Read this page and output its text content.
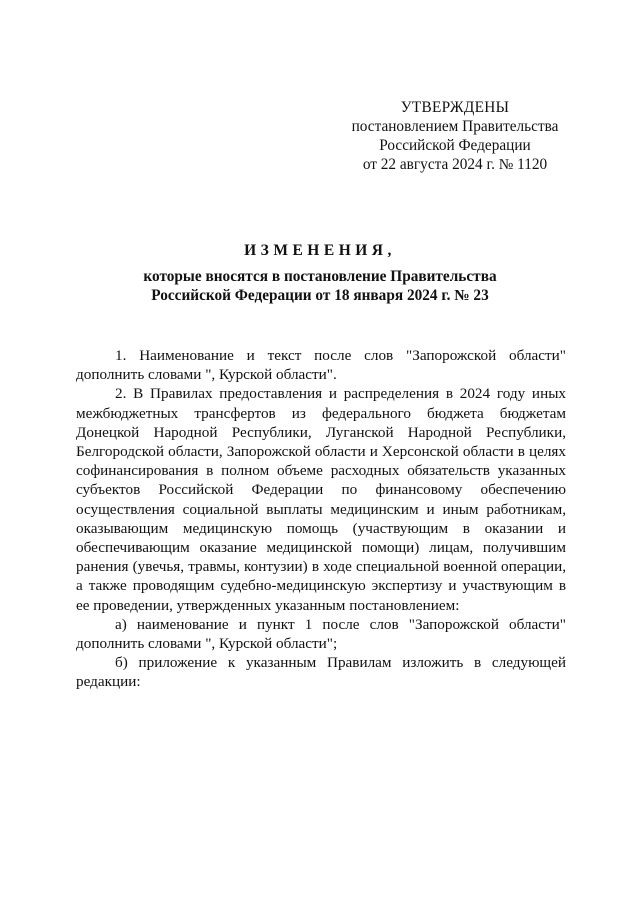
УТВЕРЖДЕНЫ
постановлением Правительства
Российской Федерации
от 22 августа 2024 г. № 1120
ИЗМЕНЕНИЯ,
которые вносятся в постановление Правительства
Российской Федерации от 18 января 2024 г. № 23

1. Наименование и текст после слов "Запорожской области" дополнить словами ", Курской области".

2. В Правилах предоставления и распределения в 2024 году иных межбюджетных трансфертов из федерального бюджета бюджетам Донецкой Народной Республики, Луганской Народной Республики, Белгородской области, Запорожской области и Херсонской области в целях софинансирования в полном объеме расходных обязательств указанных субъектов Российской Федерации по финансовому обеспечению осуществления социальной выплаты медицинским и иным работникам, оказывающим медицинскую помощь (участвующим в оказании и обеспечивающим оказание медицинской помощи) лицам, получившим ранения (увечья, травмы, контузии) в ходе специальной военной операции, а также проводящим судебно-медицинскую экспертизу и участвующим в ее проведении, утвержденных указанным постановлением:

а) наименование и пункт 1 после слов "Запорожской области" дополнить словами ", Курской области";

б) приложение к указанным Правилам изложить в следующей редакции:
